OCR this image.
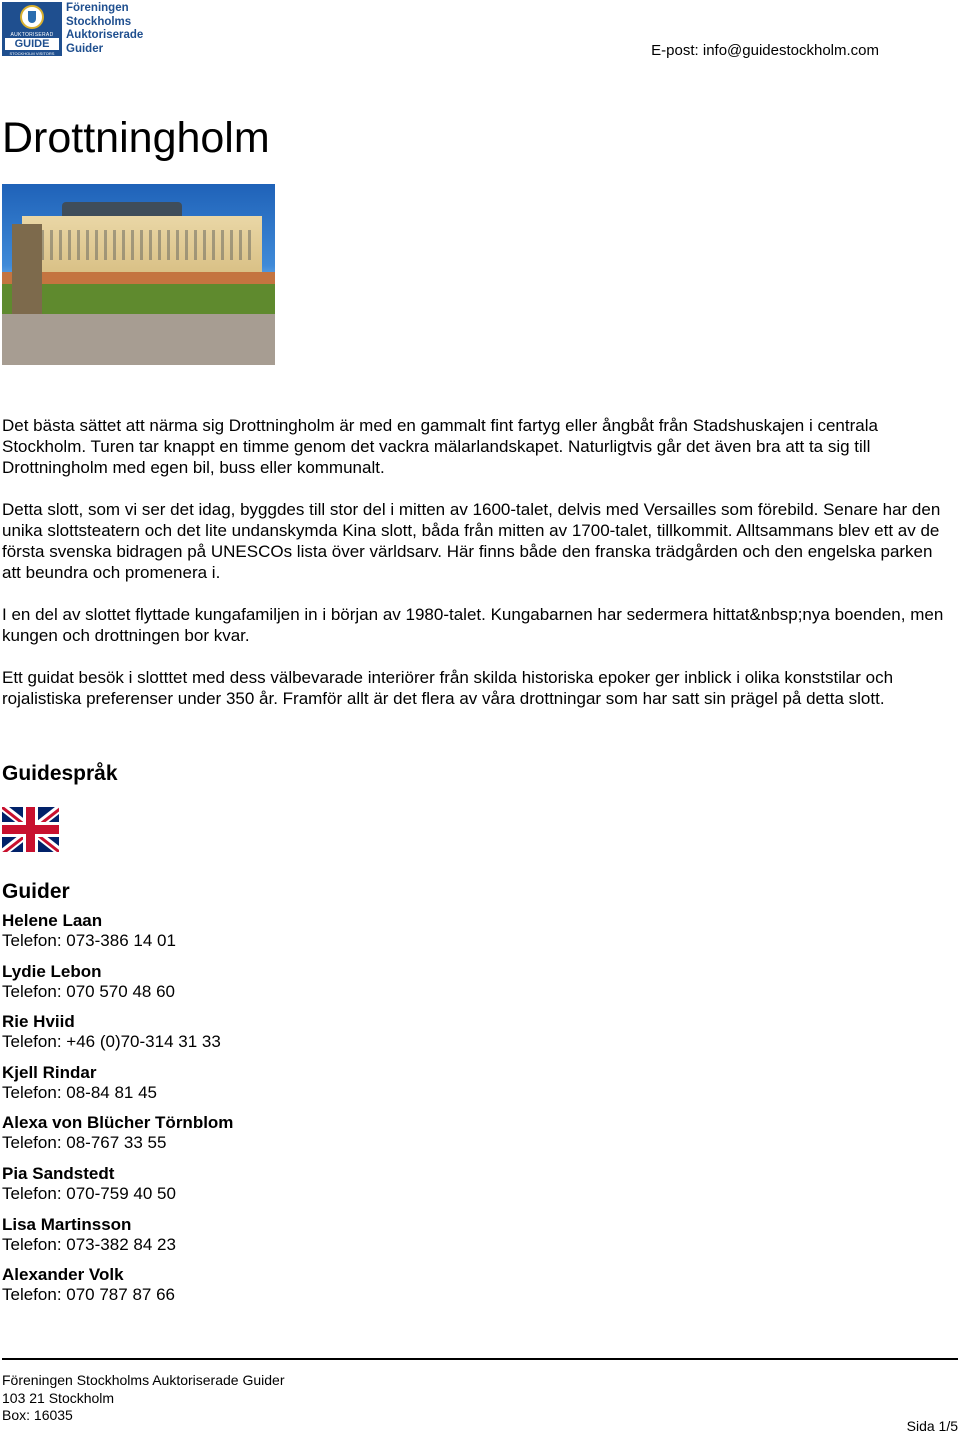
AUKTORISERAD
GUIDE
STOCKHOLM VISITORS BOARD
Föreningen
Stockholms
Auktoriserade
Guider	E-post: info@guidestockholm.com
Drottningholm

Det bästa sättet att närma sig Drottningholm är med en gammalt fint fartyg eller ångbåt från Stadshuskajen i centrala Stockholm. Turen tar knappt en timme genom det vackra mälarlandskapet. Naturligtvis går det även bra att ta sig till Drottningholm med egen bil, buss eller kommunalt.

Detta slott, som vi ser det idag, byggdes till stor del i mitten av 1600-talet, delvis med Versailles som förebild. Senare har den unika slottsteatern och det lite undanskymda Kina slott, båda från mitten av 1700-talet, tillkommit. Alltsammans blev ett av de första svenska bidragen på UNESCOs lista över världsarv. Här finns både den franska trädgården och den engelska parken att beundra och promenera i.

I en del av slottet flyttade kungafamiljen in i början av 1980-talet. Kungabarnen har sedermera hittat&nbsp;nya boenden, men kungen och drottningen bor kvar.

Ett guidat besök i slotttet med dess välbevarade interiörer från skilda historiska epoker ger inblick i olika konststilar och rojalistiska preferenser under 350 år. Framför allt är det flera av våra drottningar som har satt sin prägel på detta slott.

Guidespråk
Guider
Helene Laan
Telefon: 073-386 14 01
Lydie Lebon
Telefon: 070 570 48 60
Rie Hviid
Telefon: +46 (0)70-314 31 33
Kjell Rindar
Telefon: 08-84 81 45
Alexa von Blücher Törnblom
Telefon: 08-767 33 55
Pia Sandstedt
Telefon: 070-759 40 50
Lisa Martinsson
Telefon: 073-382 84 23
Alexander Volk
Telefon: 070 787 87 66
Föreningen Stockholms Auktoriserade Guider
103 21 Stockholm
Box: 16035
Sida 1/5
